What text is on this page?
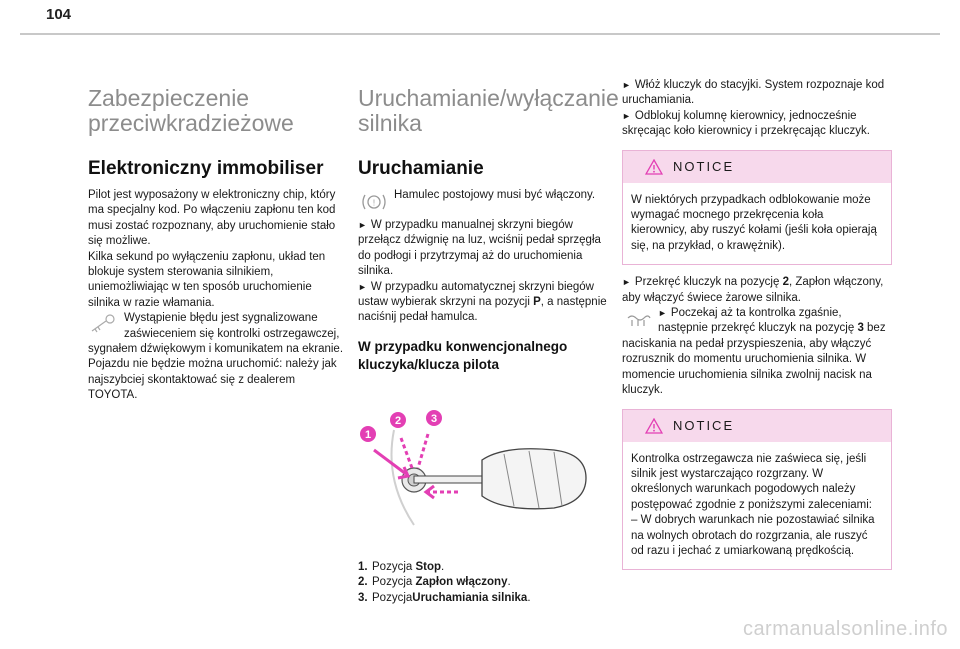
104
Zabezpieczenie przeciwkradzieżowe
Elektroniczny immobiliser

Pilot jest wyposażony w elektroniczny chip, który ma specjalny kod. Po włączeniu zapłonu ten kod musi zostać rozpoznany, aby uruchomienie stało się możliwe.

Kilka sekund po wyłączeniu zapłonu, układ ten blokuje system sterowania silnikiem, uniemożliwiając w ten sposób uruchomienie silnika w razie włamania.

Wystąpienie błędu jest sygnalizowane zaświeceniem się kontrolki ostrzegawczej, sygnałem dźwiękowym i komunikatem na ekranie.

Pojazdu nie będzie można uruchomić: należy jak najszybciej skontaktować się z dealerem TOYOTA.

Uruchamianie/wyłączanie silnika
Uruchamianie

!
Hamulec postojowy musi być włączony.

► W przypadku manualnej skrzyni biegów przełącz dźwignię na luz, wciśnij pedał sprzęgła do podłogi i przytrzymaj aż do uruchomienia silnika.

► W przypadku automatycznej skrzyni biegów ustaw wybierak skrzyni na pozycji P, a następnie naciśnij pedał hamulca.

W przypadku konwencjonalnego kluczyka/klucza pilota
1
2	3
1. Pozycja Stop.
2. Pozycja Zapłon włączony.
3. PozycjaUruchamiania silnika.

► Włóż kluczyk do stacyjki. System rozpoznaje kod uruchamiania.

► Odblokuj kolumnę kierownicy, jednocześnie skręcając koło kierownicy i przekręcając kluczyk.

NOTICE
W niektórych przypadkach odblokowanie może wymagać mocnego przekręcenia koła kierownicy, aby ruszyć kołami (jeśli koła opierają się, na przykład, o krawężnik).

► Przekręć kluczyk na pozycję 2, Zapłon włączony, aby włączyć świece żarowe silnika.

► Poczekaj aż ta kontrolka zgaśnie, następnie przekręć kluczyk na pozycję 3 bez naciskania na pedał przyspieszenia, aby włączyć rozrusznik do momentu uruchomienia silnika. W momencie uruchomienia silnika zwolnij nacisk na kluczyk.

NOTICE
Kontrolka ostrzegawcza nie zaświeca się, jeśli silnik jest wystarczająco rozgrzany. W określonych warunkach pogodowych należy postępować zgodnie z poniższymi zaleceniami:
– W dobrych warunkach nie pozostawiać silnika na wolnych obrotach do rozgrzania, ale ruszyć od razu i jechać z umiarkowaną prędkością.
carmanualsonline.info
